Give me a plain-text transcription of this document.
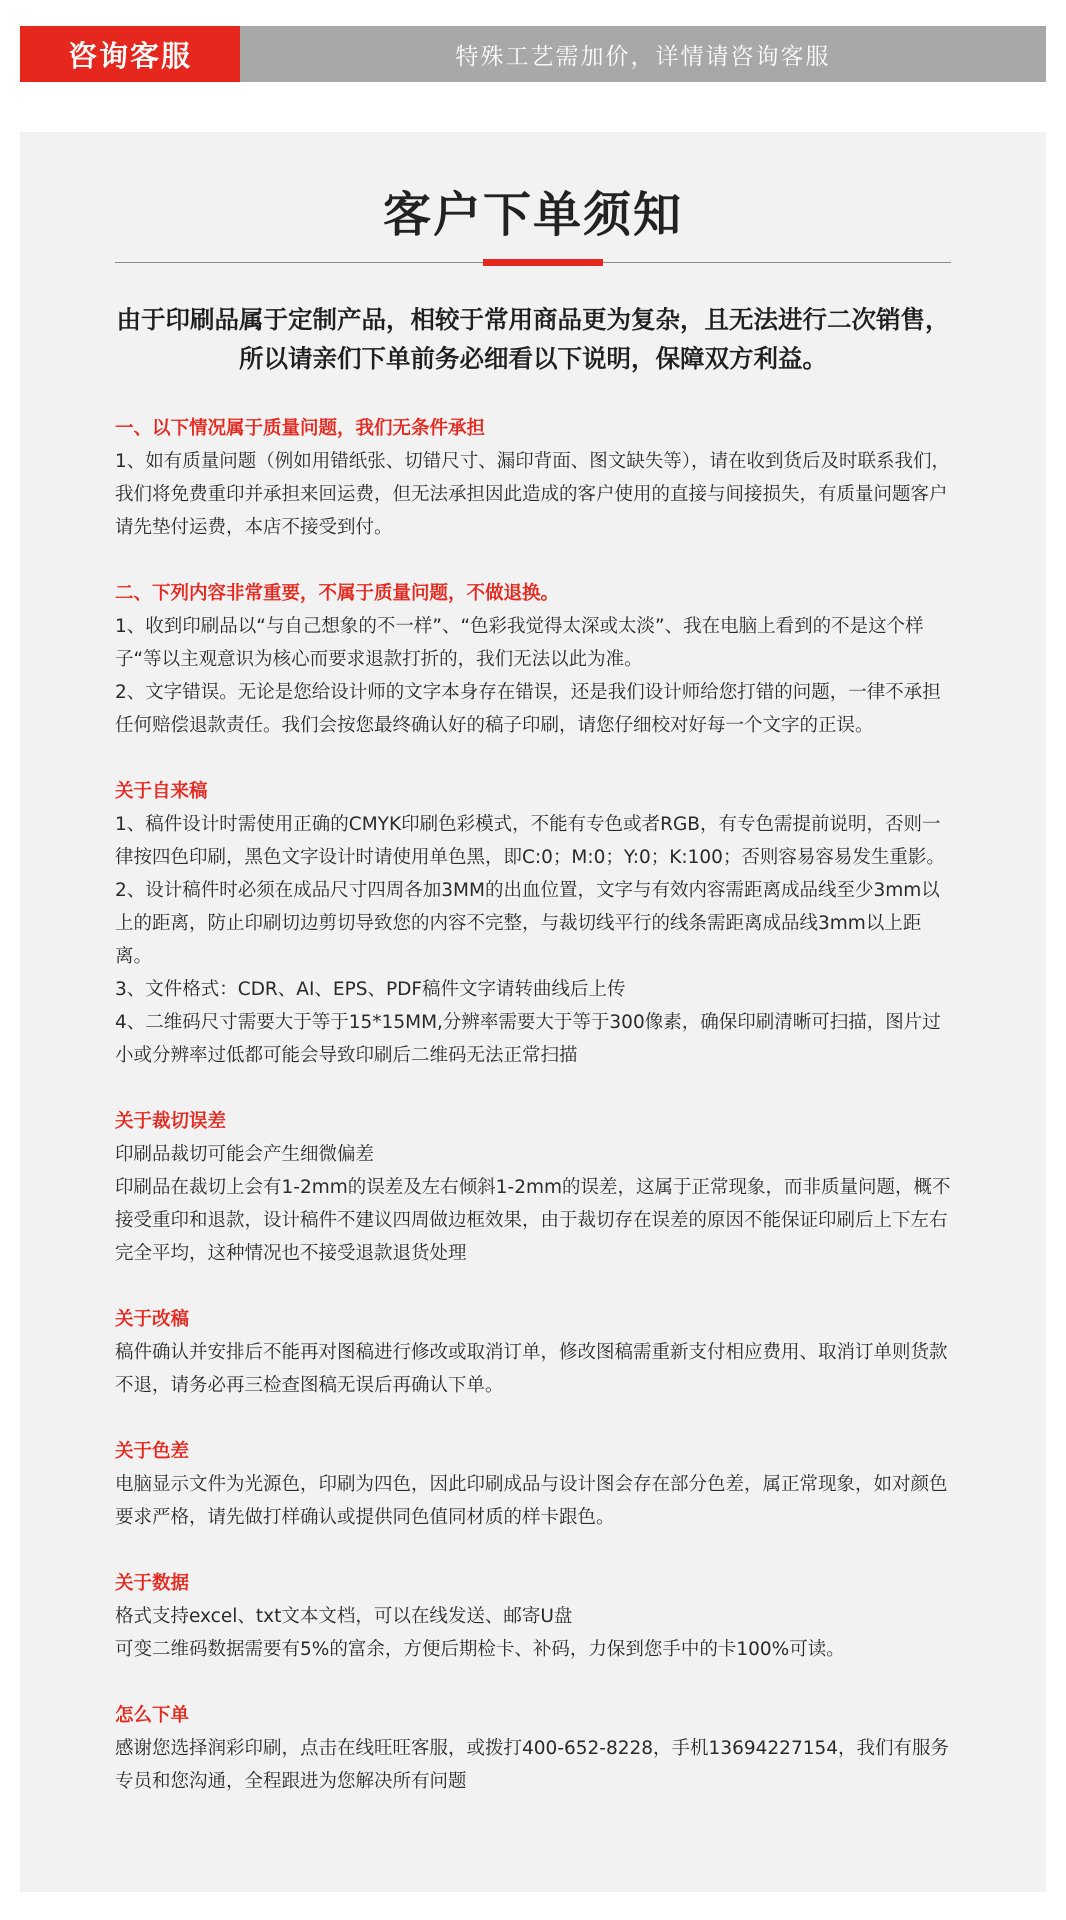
咨询客服	特殊工艺需加价，详情请咨询客服
客户下单须知
由于印刷品属于定制产品，相较于常用商品更为复杂，且无法进行二次销售，所以请亲们下单前务必细看以下说明，保障双方利益。
一、以下情况属于质量问题，我们无条件承担

1、如有质量问题（例如用错纸张、切错尺寸、漏印背面、图文缺失等），请在收到货后及时联系我们，我们将免费重印并承担来回运费，但无法承担因此造成的客户使用的直接与间接损失，有质量问题客户请先垫付运费，本店不接受到付。

二、下列内容非常重要，不属于质量问题，不做退换。

1、收到印刷品以“与自己想象的不一样”、“色彩我觉得太深或太淡”、我在电脑上看到的不是这个样子“等以主观意识为核心而要求退款打折的，我们无法以此为准。

2、文字错误。无论是您给设计师的文字本身存在错误，还是我们设计师给您打错的问题，一律不承担任何赔偿退款责任。我们会按您最终确认好的稿子印刷，请您仔细校对好每一个文字的正误。

关于自来稿

1、稿件设计时需使用正确的CMYK印刷色彩模式，不能有专色或者RGB，有专色需提前说明，否则一律按四色印刷，黑色文字设计时请使用单色黑，即C:0；M:0；Y:0；K:100；否则容易容易发生重影。

2、设计稿件时必须在成品尺寸四周各加3MM的出血位置，文字与有效内容需距离成品线至少3mm以上的距离，防止印刷切边剪切导致您的内容不完整，与裁切线平行的线条需距离成品线3mm以上距离。

3、文件格式：CDR、AI、EPS、PDF稿件文字请转曲线后上传

4、二维码尺寸需要大于等于15*15MM,分辨率需要大于等于300像素，确保印刷清晰可扫描，图片过小或分辨率过低都可能会导致印刷后二维码无法正常扫描

关于裁切误差

印刷品裁切可能会产生细微偏差

印刷品在裁切上会有1-2mm的误差及左右倾斜1-2mm的误差，这属于正常现象，而非质量问题，概不接受重印和退款，设计稿件不建议四周做边框效果，由于裁切存在误差的原因不能保证印刷后上下左右完全平均，这种情况也不接受退款退货处理

关于改稿

稿件确认并安排后不能再对图稿进行修改或取消订单，修改图稿需重新支付相应费用、取消订单则货款不退，请务必再三检查图稿无误后再确认下单。

关于色差

电脑显示文件为光源色，印刷为四色，因此印刷成品与设计图会存在部分色差，属正常现象，如对颜色要求严格，请先做打样确认或提供同色值同材质的样卡跟色。

关于数据

格式支持excel、txt文本文档，可以在线发送、邮寄U盘

可变二维码数据需要有5%的富余，方便后期检卡、补码，力保到您手中的卡100%可读。

怎么下单

感谢您选择润彩印刷，点击在线旺旺客服，或拨打400-652-8228，手机13694227154，我们有服务专员和您沟通，全程跟进为您解决所有问题
